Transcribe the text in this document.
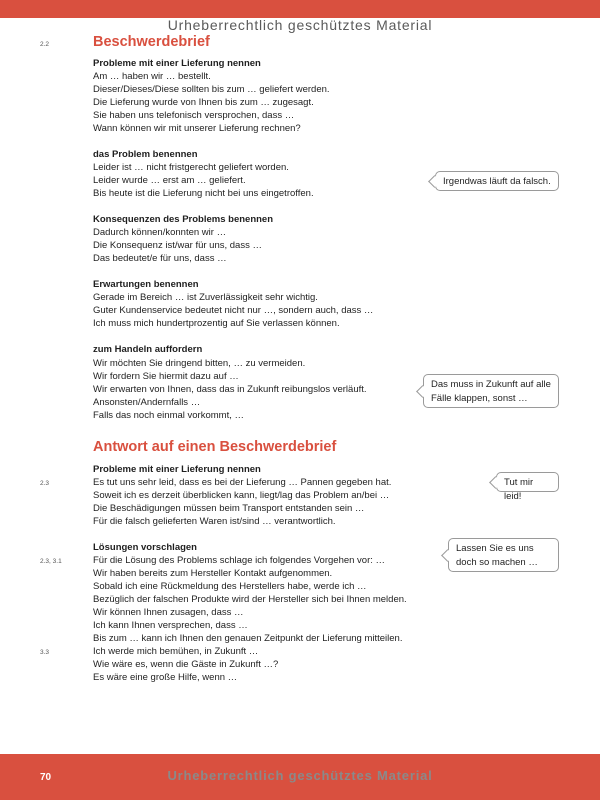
Urheberrechtlich geschütztes Material
2.2	Beschwerdebrief
Probleme mit einer Lieferung nennen
Am … haben wir … bestellt.
Dieser/Dieses/Diese sollten bis zum … geliefert werden.
Die Lieferung wurde von Ihnen bis zum … zugesagt.
Sie haben uns telefonisch versprochen, dass …
Wann können wir mit unserer Lieferung rechnen?
das Problem benennen
Leider ist … nicht fristgerecht geliefert worden.
Leider wurde … erst am … geliefert.
Bis heute ist die Lieferung nicht bei uns eingetroffen.
Konsequenzen des Problems benennen
Dadurch können/konnten wir …
Die Konsequenz ist/war für uns, dass …
Das bedeutet/e für uns, dass …
Erwartungen benennen
Gerade im Bereich … ist Zuverlässigkeit sehr wichtig.
Guter Kundenservice bedeutet nicht nur …, sondern auch, dass …
Ich muss mich hundertprozentig auf Sie verlassen können.
zum Handeln auffordern
Wir möchten Sie dringend bitten, … zu vermeiden.
Wir fordern Sie hiermit dazu auf …
Wir erwarten von Ihnen, dass das in Zukunft reibungslos verläuft.
Ansonsten/Andernfalls …
Falls das noch einmal vorkommt, …
Irgendwas läuft da falsch.
Das muss in Zukunft auf alle Fälle klappen, sonst …
Antwort auf einen Beschwerdebrief
Probleme mit einer Lieferung nennen
2.3	Es tut uns sehr leid, dass es bei der Lieferung … Pannen gegeben hat.
Soweit ich es derzeit überblicken kann, liegt/lag das Problem an/bei …
Die Beschädigungen müssen beim Transport entstanden sein …
Für die falsch gelieferten Waren ist/sind … verantwortlich.
Lösungen vorschlagen
2.3, 3.1	Für die Lösung des Problems schlage ich folgendes Vorgehen vor: …
Wir haben bereits zum Hersteller Kontakt aufgenommen.
Sobald ich eine Rückmeldung des Herstellers habe, werde ich …
Bezüglich der falschen Produkte wird der Hersteller sich bei Ihnen melden.
Wir können Ihnen zusagen, dass …
Ich kann Ihnen versprechen, dass …
Bis zum … kann ich Ihnen den genauen Zeitpunkt der Lieferung mitteilen.
3.3	Ich werde mich bemühen, in Zukunft …
Wie wäre es, wenn die Gäste in Zukunft …?
Es wäre eine große Hilfe, wenn …
Tut mir leid!
Lassen Sie es uns doch so machen …
70	Urheberrechtlich geschütztes Material
